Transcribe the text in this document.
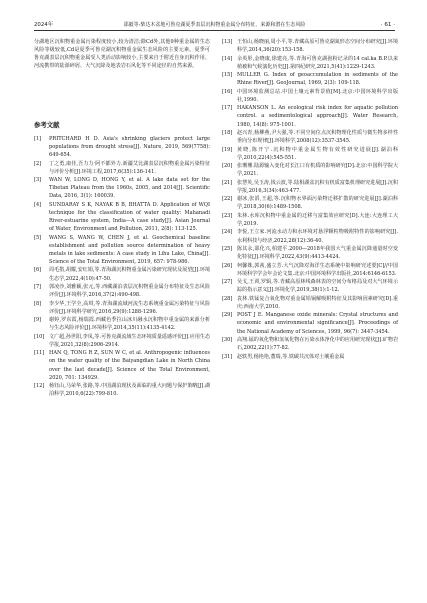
2024年	邵毅等:柴达木盆地可鲁克湖夏季表层沉积物重金属分布特征、来源和潜在生态风险	· 61 ·

分湖地区沉积物重金属污染程度较小,较为清洁;除Cd外,其他9种重金属的生态风险等级较低,Cd是夏季可鲁克湖沉积物重金属生态风险的主要元素。夏季可鲁克湖表层沉积物重金属受人类活动影响较小,主要来自于附近自身沉积作用、河流携带的陆源碎屑、大气沉降及地表岩石风化等不同途径的自然来源。

参考文献
[1]	PRITCHARD H D. Asia's shrinking glaciers protect large populations from drought stress[J]. Nature, 2019, 569(7758): 649-654.
[2]	丁之勇,康佳,吾力力·阿不都外力.新疆艾比湖表层沉积物重金属污染特征与评价分析[J].环境工程,2017,6(35):136-141.
[3]	WAN W, LONG D, HONG Y, et al. A lake data set for the Tibetan Plateau from the 1960s, 2005, and 2014[J]. Scientific Data, 2016, 3(1): 160039.
[4]	SUNDARAY S K, NAYAK B B, BHATTA D. Application of WQI technique for the classification of water quality: Mahanadi River-estuarine system, India—A case study[J]. Asian Journal of Water, Environment and Pollution, 2011, 2(8): 113-125.
[5]	WANG S, WANG W, CHEN J, et al. Geochemical baseline establishment and pollution source determination of heavy metals in lake sediments: A case study in Lihu Lake, China[J]. Science of the Total Environment, 2019, 657: 978-986.
[6]	周毛措,胡耀,安红娟,等.青海湖沉积物重金属污染研究现状及展望[J].环境生态学,2022,4(10):47-50.
[7]	郭凌沙,刘雅颖,张元,等.西藏湖泊表层沉积物重金属分布特征及生态风险评价[J].环境科学,2016,37(2):490-498.
[8]	李少华,王学全,高琪,等.青海湖流域河流生态系统重金属污染特征与风险评价[J].环境科学研究,2016,29(9):1288-1296.
[9]	谢婷,罗东霞,杨瑞霞.西藏色季拉山冰川融水沉积物中重金属的来源分析与生态风险评价[J].环境科学,2014,35(11):4135-4142.
[10] 文广超,孙世阳,李凤,等.可鲁克湖流域生态环境质量遥感评价[J].应用生态学报,2021,32(8):2906-2914.
[11] HAN Q, TONG R Z, SUN W C, et al. Anthropogenic influences on the water quality of the Baiyangdian Lake in North China over the last decade[J]. Science of the Total Environment, 2020, 701: 134929.
[12] 杨钰山,马荣华,张路,等.中国湖泊现状及面临的重大问题与保护策略[J].湖泊科学,2010,6(22):799-810.
[13] 王恒山,杨晓丽,周小平,等.青藏高原可鲁克湖氮形态空间分布研究[J].环境科学,2014,36(20):153-158.
[14] 余英彤,金晓康,徐建亮,等.青海可鲁克湖孢粉记录的14 cal.ka B.P.以来植被和气候演化历史[J].第四纪研究,2021,5(41):1229-1243.
[15] MULLER G. Index of geoaccumulation in sediments of the Rhine River[J]. GeoJournal, 1969, 2(3): 109-118.
[16] 中国环境监测总站.中国土壤元素背景值[M].北京:中国环境科学出版社,1990.
[17] HAKANSON L. An ecological risk index for aquatic pollution control. a sedimentological approach[J]. Water Research, 1980, 14(8): 975-1001.
[18] 赵兴青,杨柳燕,尹大强,等.不同空间位点沉积物理化性质与微生物多样性垂向分布规律[J].环境科学,2008(12):3537-3545.
[19] 黄晓,陈开宁.沉积物中重金属生物有效性研究进展[J].湖泊科学,2010,22(4):545-551.
[20] 张珊珊.陆源输入变化对长江口有机质的影响研究[D].北京:中国科学院大学,2021.
[21] 张慧英,吴玉涛,钱云波,等.陆相湖盆沉积有机质富集机理研究进展[J].沉积学报,2016,3(34):463-477.
[22] 谢冰,张滔,王超,等.沉积物水界面污染物迁移扩散的研究进展[J].湖泊科学,2018,30(6):1489-1508.
[23] 朱林.水库沉积物中重金属的迁移与富集效应研究[D].大连:大连理工大学,2019.
[24] 李悦,王立家.河流水动力和水环境对悬浮颗粒物吸附特性的影响研究[J].水利科技与经济,2022,28(12):36-40.
[25] 陈其永,邵化兴,柏建平.2000—2018年我国大气重金属沉降通量时空变化特征[J].环境科学,2022,43(9):4413-4424.
[26] 柯馨姝,郭茜,盛立芳.大气沉降对海洋生态系统中影响研究述要[C]//中国环境科学学会年会论文集.北京:中国环境科学出版社,2014:6146-6153.
[27] 吴戈,王训,罗辑,等.青藏高原林线森林表的空间分布格局及对大气环境示踪的指示意义[J].环境化学,2019,38(1):1-12.
[28] 袁林.铁锰复合氧化物对重金属铅镉解吸附特征及其影响因素研究[D].重庆:西南大学,2010.
[29] POST J E. Manganese oxide minerals: Crystal structures and economic and environmental significance[J]. Proceedings of the National Academy of Sciences, 1999, 96(7): 3447-3454.
[30] 高翔.锰的氧化物和氢氧化物在污染水体净化中的应用研究现状[J].矿物岩石,2002,22(1):77-82.
[31] 赵轶男,杨艳艳,董瑞,等.铁碳共沉体对土壤重金属
